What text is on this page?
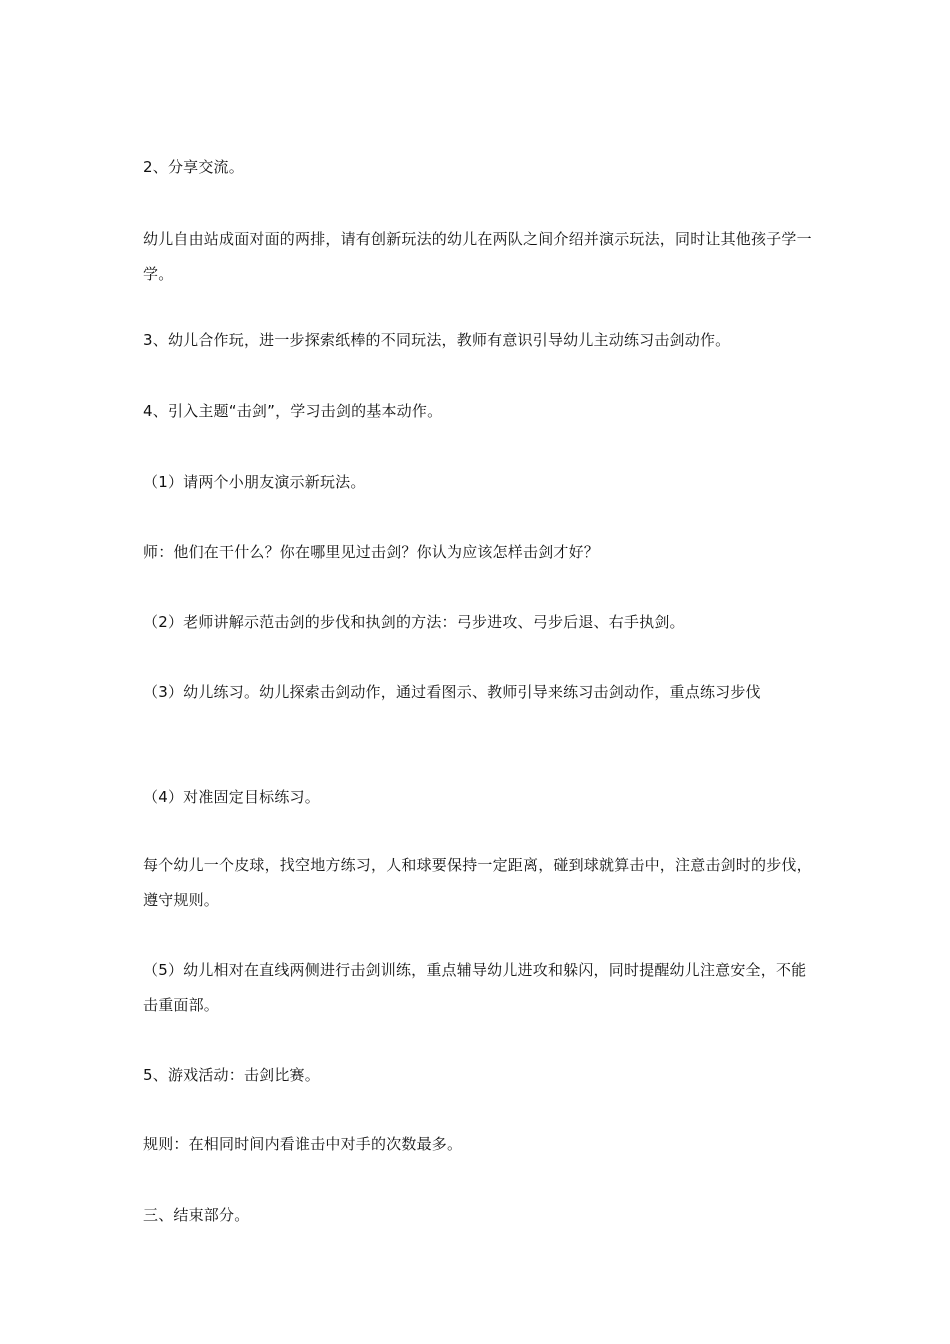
2、分享交流。

幼儿自由站成面对面的两排，请有创新玩法的幼儿在两队之间介绍并演示玩法，同时让其他孩子学一学。

3、幼儿合作玩，进一步探索纸棒的不同玩法，教师有意识引导幼儿主动练习击剑动作。

4、引入主题“击剑”，学习击剑的基本动作。

（1）请两个小朋友演示新玩法。

师：他们在干什么？你在哪里见过击剑？你认为应该怎样击剑才好？

（2）老师讲解示范击剑的步伐和执剑的方法：弓步进攻、弓步后退、右手执剑。

（3）幼儿练习。幼儿探索击剑动作，通过看图示、教师引导来练习击剑动作，重点练习步伐

（4）对准固定目标练习。

每个幼儿一个皮球，找空地方练习，人和球要保持一定距离，碰到球就算击中，注意击剑时的步伐，遵守规则。

（5）幼儿相对在直线两侧进行击剑训练，重点辅导幼儿进攻和躲闪，同时提醒幼儿注意安全，不能击重面部。

5、游戏活动：击剑比赛。

规则：在相同时间内看谁击中对手的次数最多。

三、结束部分。
